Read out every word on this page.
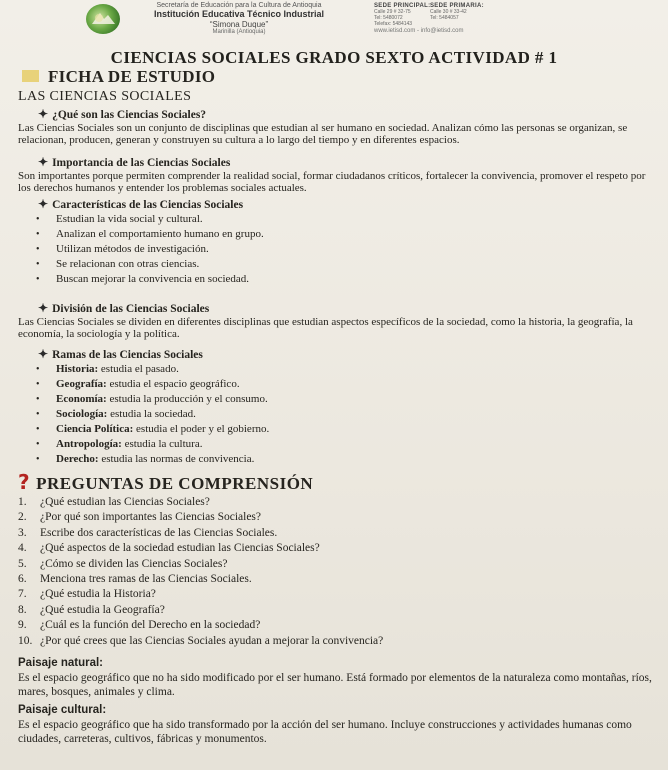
Secretaría de Educación para la Cultura de Antioquia
Institución Educativa Técnico Industrial
“Simona Duque”
Marinilla (Antioquia)
SEDE PRINCIPAL:
Calle 29 # 32-75
Tel: 5480072
Telefax: 5484143
SEDE PRIMARIA:
Calle 30 # 33-42
Tel: 5484057
www.ietisd.com - info@ietisd.com
CIENCIAS SOCIALES GRADO SEXTO ACTIVIDAD # 1
FICHA DE ESTUDIO
LAS CIENCIAS SOCIALES
✦ ¿Qué son las Ciencias Sociales?
Las Ciencias Sociales son un conjunto de disciplinas que estudian al ser humano en sociedad. Analizan cómo las personas se organizan, se relacionan, producen, generan y construyen su cultura a lo largo del tiempo y en diferentes espacios.
✦ Importancia de las Ciencias Sociales
Son importantes porque permiten comprender la realidad social, formar ciudadanos críticos, fortalecer la convivencia, promover el respeto por los derechos humanos y entender los problemas sociales actuales.
✦ Características de las Ciencias Sociales
• Estudian la vida social y cultural.
• Analizan el comportamiento humano en grupo.
• Utilizan métodos de investigación.
• Se relacionan con otras ciencias.
• Buscan mejorar la convivencia en sociedad.
✦ División de las Ciencias Sociales
Las Ciencias Sociales se dividen en diferentes disciplinas que estudian aspectos específicos de la sociedad, como la historia, la geografía, la economía, la sociología y la política.
✦ Ramas de las Ciencias Sociales
• Historia: estudia el pasado.
• Geografía: estudia el espacio geográfico.
• Economía: estudia la producción y el consumo.
• Sociología: estudia la sociedad.
• Ciencia Política: estudia el poder y el gobierno.
• Antropología: estudia la cultura.
• Derecho: estudia las normas de convivencia.
? PREGUNTAS DE COMPRENSIÓN
1. ¿Qué estudian las Ciencias Sociales?
2. ¿Por qué son importantes las Ciencias Sociales?
3. Escribe dos características de las Ciencias Sociales.
4. ¿Qué aspectos de la sociedad estudian las Ciencias Sociales?
5. ¿Cómo se dividen las Ciencias Sociales?
6. Menciona tres ramas de las Ciencias Sociales.
7. ¿Qué estudia la Historia?
8. ¿Qué estudia la Geografía?
9. ¿Cuál es la función del Derecho en la sociedad?
10. ¿Por qué crees que las Ciencias Sociales ayudan a mejorar la convivencia?
Paisaje natural:
Es el espacio geográfico que no ha sido modificado por el ser humano. Está formado por elementos de la naturaleza como montañas, ríos, mares, bosques, animales y clima.
Paisaje cultural:
Es el espacio geográfico que ha sido transformado por la acción del ser humano. Incluye construcciones y actividades humanas como ciudades, carreteras, cultivos, fábricas y monumentos.
